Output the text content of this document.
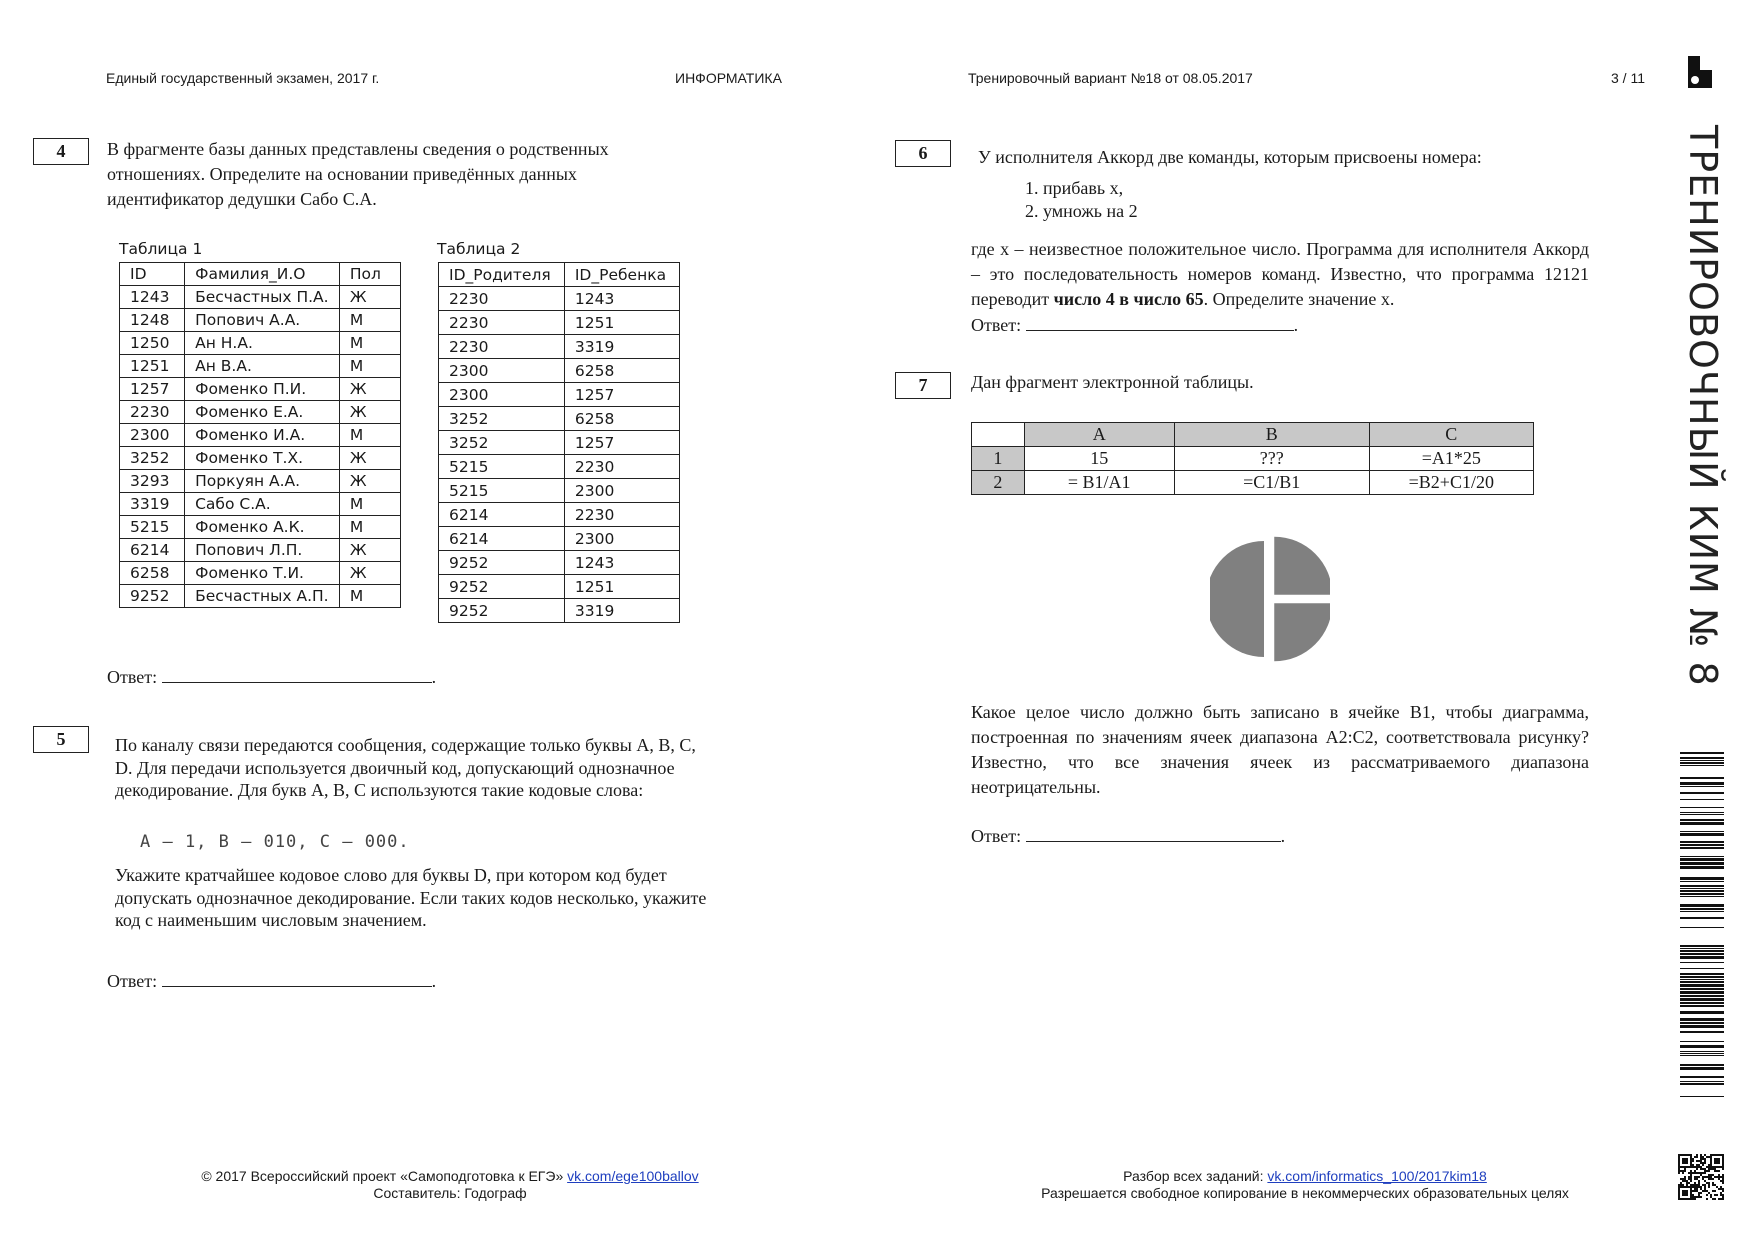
Единый государственный экзамен, 2017 г.	ИНФОРМАТИКА	Тренировочный вариант №18 от 08.05.2017	3 / 11
ТРЕНИРОВОЧНЫЙ КИМ № 8
4	В фрагменте базы данных представлены сведения о родственных отношениях. Определите на основании приведённых данных идентификатор дедушки Сабо С.А.
Таблица 1
ID	Фамилия_И.О	Пол
1243	Бесчастных П.А.	Ж
1248	Попович А.А.	М
1250	Ан Н.А.	М
1251	Ан В.А.	М
1257	Фоменко П.И.	Ж
2230	Фоменко Е.А.	Ж
2300	Фоменко И.А.	М
3252	Фоменко Т.Х.	Ж
3293	Поркуян А.А.	Ж
3319	Сабо С.А.	М
5215	Фоменко А.К.	М
6214	Попович Л.П.	Ж
6258	Фоменко Т.И.	Ж
9252	Бесчастных А.П.	М
Таблица 2
ID_Родителя	ID_Ребенка
2230	1243
2230	1251
2230	3319
2300	6258
2300	1257
3252	6258
3252	1257
5215	2230
5215	2300
6214	2230
6214	2300
9252	1243
9252	1251
9252	3319
Ответ:	.
5	По каналу связи передаются сообщения, содержащие только буквы A, B, C, D. Для передачи используется двоичный код, допускающий однозначное декодирование. Для букв A, B, C используются такие кодовые слова:
A – 1, B – 010, C – 000.
Укажите кратчайшее кодовое слово для буквы D, при котором код будет допускать однозначное декодирование. Если таких кодов несколько, укажите код с наименьшим числовым значением.
Ответ:	.
6	У исполнителя Аккорд две команды, которым присвоены номера:
1. прибавь x,
2. умножь на 2
где x – неизвестное положительное число. Программа для исполнителя Аккорд – это последовательность номеров команд. Известно, что программа 12121 переводит число 4 в число 65. Определите значение x.
Ответ:	.
7	Дан фрагмент электронной таблицы.
	A	B	C
1	15	???	=A1*25
2	= B1/A1	=C1/B1	=B2+C1/20
Какое целое число должно быть записано в ячейке B1, чтобы диаграмма, построенная по значениям ячеек диапазона A2:C2, соответствовала рисунку? Известно, что все значения ячеек из рассматриваемого диапазона неотрицательны.
Ответ:	.
© 2017 Всероссийский проект «Самоподготовка к ЕГЭ» vk.com/ege100ballov
Составитель: Годограф
Разбор всех заданий: vk.com/informatics_100/2017kim18
Разрешается свободное копирование в некоммерческих образовательных целях
